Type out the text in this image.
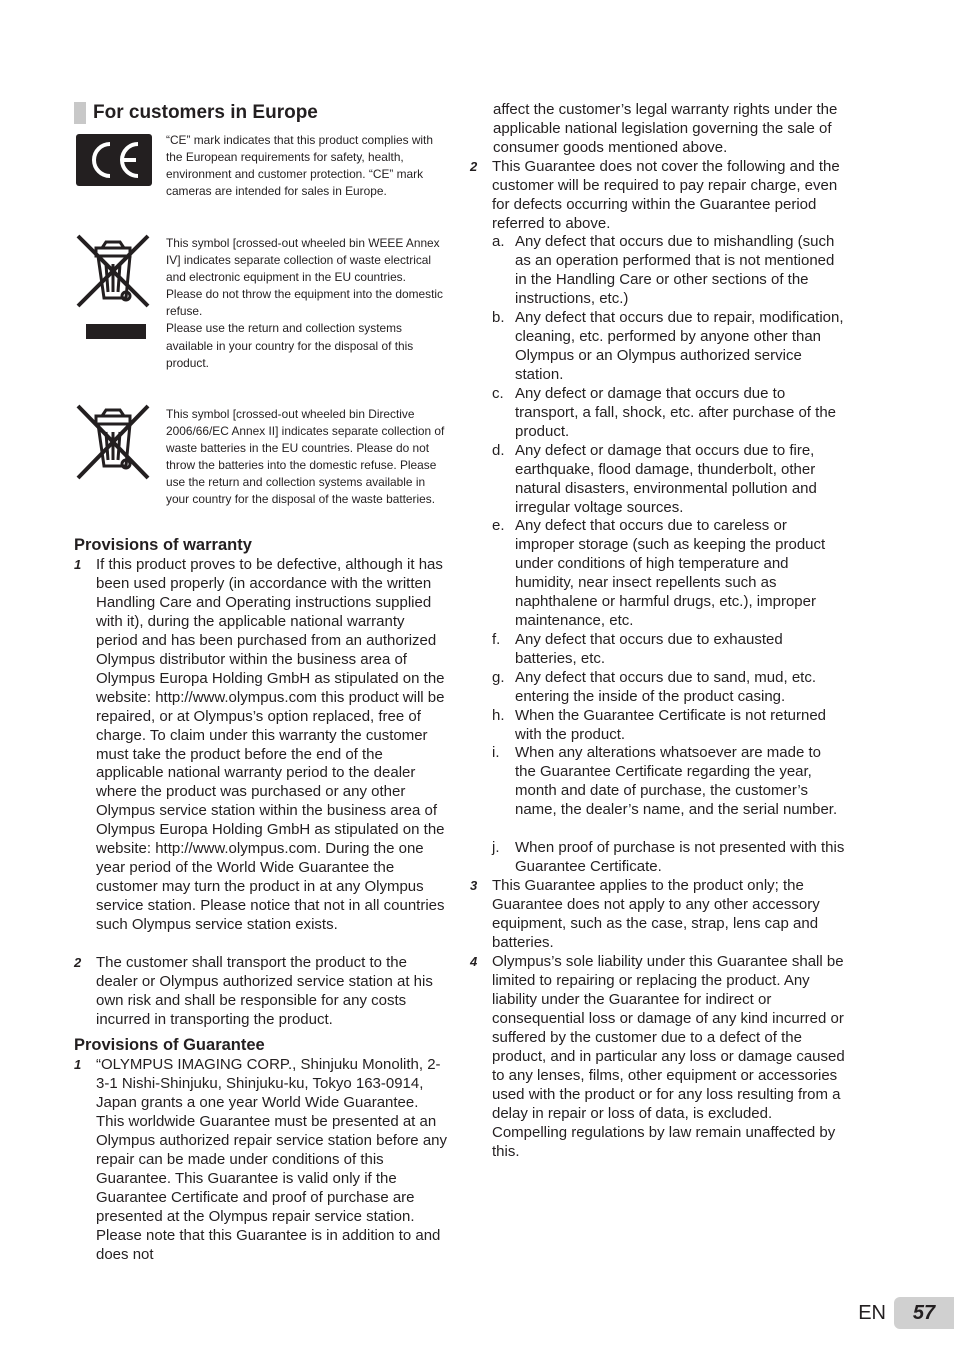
For customers in Europe
“CE” mark indicates that this product complies with the European requirements for safety, health, environment and customer protection. “CE” mark cameras are intended for sales in Europe.
This symbol [crossed-out wheeled bin WEEE Annex IV] indicates separate collection of waste electrical and electronic equipment in the EU countries.
Please do not throw the equipment into the domestic refuse.
Please use the return and collection systems available in your country for the disposal of this product.
This symbol [crossed-out wheeled bin Directive 2006/66/EC Annex II] indicates separate collection of waste batteries in the EU countries. Please do not throw the batteries into the domestic refuse. Please use the return and collection systems available in your country for the disposal of the waste batteries.
Provisions of warranty
1 If this product proves to be defective, although it has been used properly (in accordance with the written Handling Care and Operating instructions supplied with it), during the applicable national warranty period and has been purchased from an authorized Olympus distributor within the business area of Olympus Europa Holding GmbH as stipulated on the website: http://www.olympus.com this product will be repaired, or at Olympus’s option replaced, free of charge. To claim under this warranty the customer must take the product before the end of the applicable national warranty period to the dealer where the product was purchased or any other Olympus service station within the business area of Olympus Europa Holding GmbH as stipulated on the website: http://www.olympus.com. During the one year period of the World Wide Guarantee the customer may turn the product in at any Olympus service station. Please notice that not in all countries such Olympus service station exists.
2 The customer shall transport the product to the dealer or Olympus authorized service station at his own risk and shall be responsible for any costs incurred in transporting the product.
Provisions of Guarantee
1 “OLYMPUS IMAGING CORP., Shinjuku Monolith, 2-3-1 Nishi-Shinjuku, Shinjuku-ku, Tokyo 163-0914, Japan grants a one year World Wide Guarantee. This worldwide Guarantee must be presented at an Olympus authorized repair service station before any repair can be made under conditions of this Guarantee. This Guarantee is valid only if the Guarantee Certificate and proof of purchase are presented at the Olympus repair service station. Please note that this Guarantee is in addition to and does not
affect the customer’s legal warranty rights under the applicable national legislation governing the sale of consumer goods mentioned above.
2 This Guarantee does not cover the following and the customer will be required to pay repair charge, even for defects occurring within the Guarantee period referred to above.
a. Any defect that occurs due to mishandling (such as an operation performed that is not mentioned in the Handling Care or other sections of the instructions, etc.)
b. Any defect that occurs due to repair, modification, cleaning, etc. performed by anyone other than Olympus or an Olympus authorized service station.
c. Any defect or damage that occurs due to transport, a fall, shock, etc. after purchase of the product.
d. Any defect or damage that occurs due to fire, earthquake, flood damage, thunderbolt, other natural disasters, environmental pollution and irregular voltage sources.
e. Any defect that occurs due to careless or improper storage (such as keeping the product under conditions of high temperature and humidity, near insect repellents such as naphthalene or harmful drugs, etc.), improper maintenance, etc.
f. Any defect that occurs due to exhausted batteries, etc.
g. Any defect that occurs due to sand, mud, etc. entering the inside of the product casing.
h. When the Guarantee Certificate is not returned with the product.
i.	When any alterations whatsoever are made to the Guarantee Certificate regarding the year, month and date of purchase, the customer’s name, the dealer’s name, and the serial number.
j.	When proof of purchase is not presented with this Guarantee Certificate.
3 This Guarantee applies to the product only; the Guarantee does not apply to any other accessory equipment, such as the case, strap, lens cap and batteries.
4 Olympus’s sole liability under this Guarantee shall be limited to repairing or replacing the product. Any liability under the Guarantee for indirect or consequential loss or damage of any kind incurred or suffered by the customer due to a defect of the product, and in particular any loss or damage caused to any lenses, films, other equipment or accessories used with the product or for any loss resulting from a delay in repair or loss of data, is excluded. Compelling regulations by law remain unaffected by this.
EN	57
